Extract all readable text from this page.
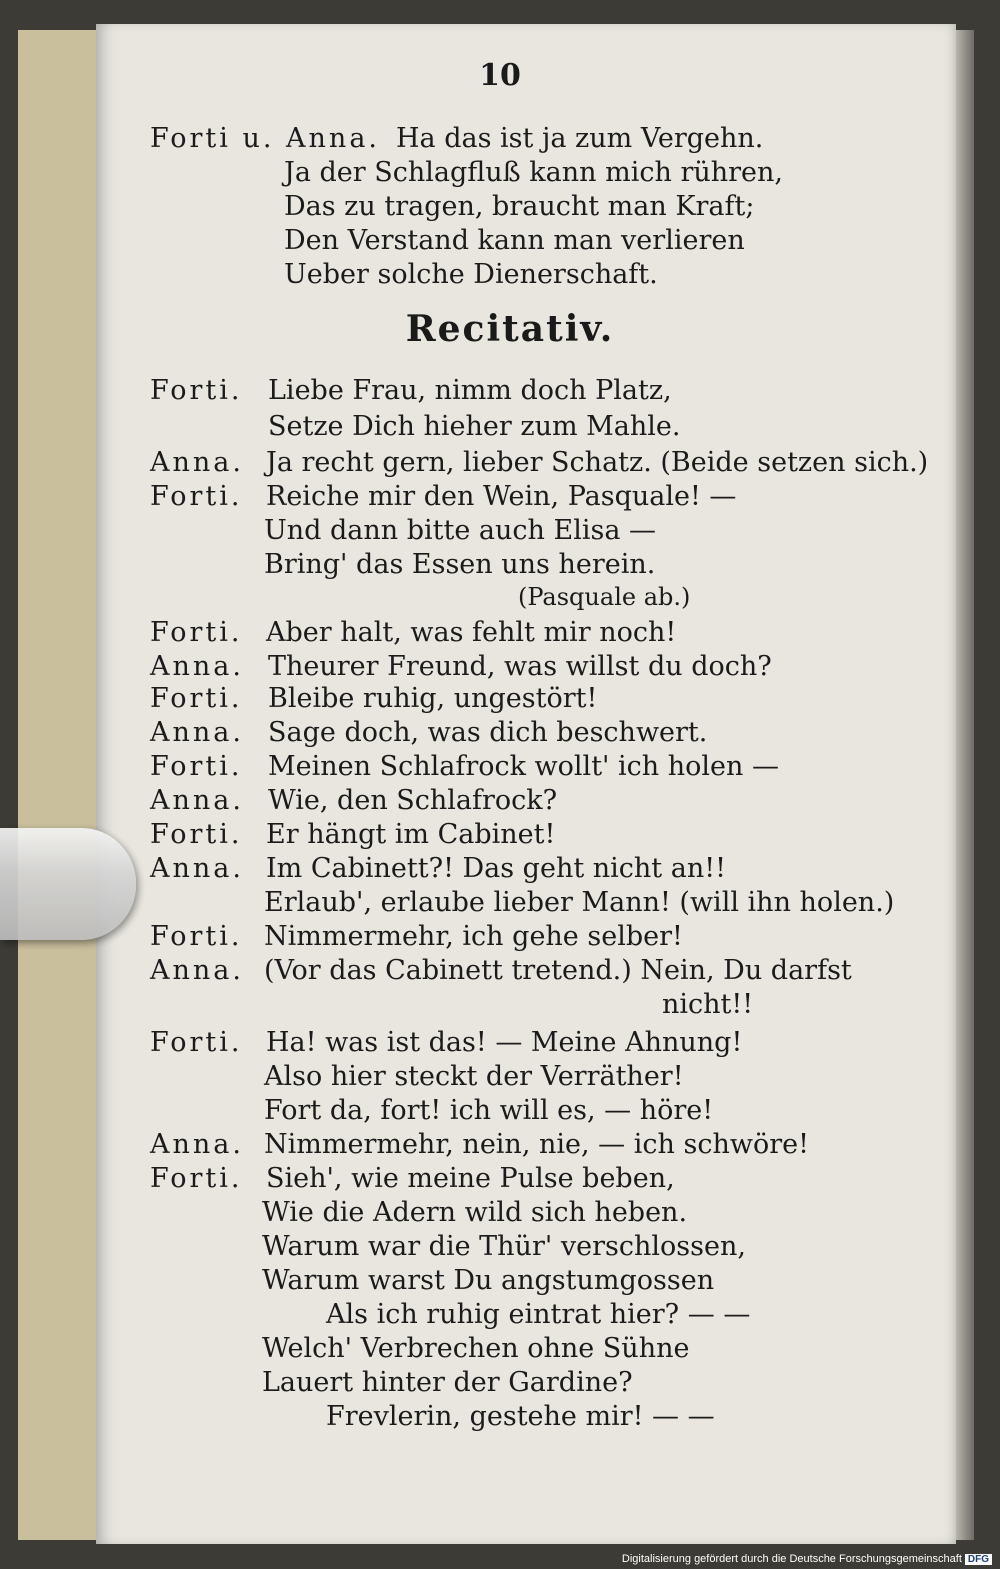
10
Forti u. Anna. Ha das ist ja zum Vergehn.
Ja der Schlagfluß kann mich rühren,
Das zu tragen, braucht man Kraft;
Den Verstand kann man verlieren
Ueber solche Dienerschaft.
Recitativ.
Forti. Liebe Frau, nimm doch Platz,
Setze Dich hieher zum Mahle.
Anna. Ja recht gern, lieber Schatz. (Beide setzen sich.)
Forti. Reiche mir den Wein, Pasquale! —
Und dann bitte auch Elisa —
Bring' das Essen uns herein.
(Pasquale ab.)
Forti. Aber halt, was fehlt mir noch!
Anna. Theurer Freund, was willst du doch?
Forti. Bleibe ruhig, ungestört!
Anna. Sage doch, was dich beschwert.
Forti. Meinen Schlafrock wollt' ich holen —
Anna. Wie, den Schlafrock?
Forti. Er hängt im Cabinet!
Anna. Im Cabinett?! Das geht nicht an!!
Erlaub', erlaube lieber Mann! (will ihn holen.)
Forti. Nimmermehr, ich gehe selber!
Anna. (Vor das Cabinett tretend.) Nein, Du darfst
nicht!!
Forti. Ha! was ist das! — Meine Ahnung!
Also hier steckt der Verräther!
Fort da, fort! ich will es, — höre!
Anna. Nimmermehr, nein, nie, — ich schwöre!
Forti. Sieh', wie meine Pulse beben,
Wie die Adern wild sich heben.
Warum war die Thür' verschlossen,
Warum warst Du angstumgossen
Als ich ruhig eintrat hier? — —
Welch' Verbrechen ohne Sühne
Lauert hinter der Gardine?
Frevlerin, gestehe mir! — —
Digitalisierung gefördert durch die Deutsche Forschungsgemeinschaft DFG
